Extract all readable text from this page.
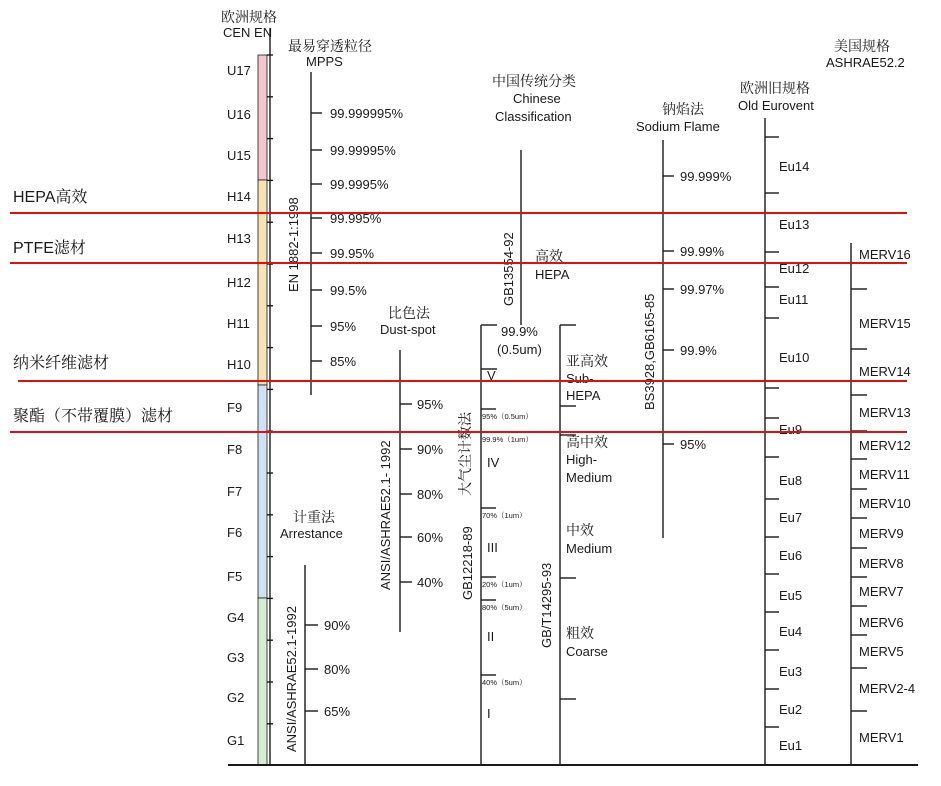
欧洲规格
CEN EN
U17
U16
U15
H14
H13
H12
H11
H10
F9
F8
F7
F6
F5
G4
G3
G2
G1
最易穿透粒径
MPPS
EN 1882-1:1998
99.999995%
99.99995%
99.9995%
99.995%
99.95%
99.5%
95%
85%
计重法
Arrestance
ANSI/ASHRAE52.1-1992 90%
80%
65%
比色法
Dust-spot
ANSI/ASHRAE52.1- 1992
95%
90%
80%
60%
40%
中国传统分类
Chinese
Classification
GB13554-92
GB12218-89
大气尘计数法
99.9%
(0.5um)
V
IV
III
II
I
95%（0.5um）
99.9%（1um）
70%（1um）
20%（1um）
80%（5um）
40%（5um）
GB/T14295-93
高效
HEPA
亚高效
Sub-
HEPA
高中效
High-
Medium
中效
Medium
粗效
Coarse
钠焰法
Sodium Flame
BS3928,GB6165-85
99.999%
99.99%
99.97%
99.9%
95%
欧洲旧规格
Old Eurovent
Eu14
Eu13
Eu12
Eu11
Eu10
Eu9
Eu8
Eu7
Eu6
Eu5
Eu4
Eu3
Eu2
Eu1
美国规格
ASHRAE52.2
MERV16
MERV15
MERV14
MERV13
MERV12
MERV11
MERV10
MERV9
MERV8
MERV7
MERV6
MERV5
MERV2-4
MERV1
HEPA高效
PTFE滤材
纳米纤维滤材
聚酯（不带覆膜）滤材
